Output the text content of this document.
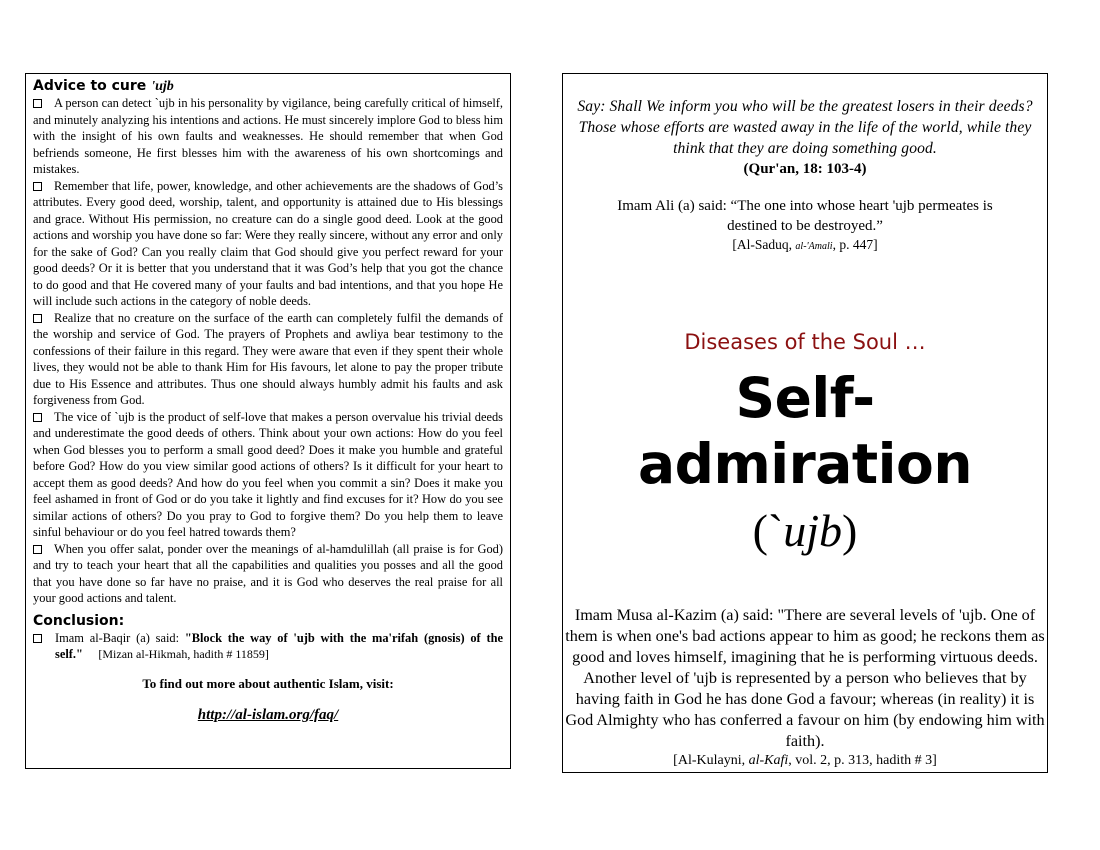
Advice to cure 'ujb

A person can detect `ujb in his personality by vigilance, being carefully critical of himself, and minutely analyzing his intentions and actions. He must sincerely implore God to bless him with the insight of his own faults and weaknesses. He should remember that when God befriends someone, He first blesses him with the awareness of his own shortcomings and mistakes.

Remember that life, power, knowledge, and other achievements are the shadows of God’s attributes. Every good deed, worship, talent, and opportunity is attained due to His blessings and grace. Without His permission, no creature can do a single good deed. Look at the good actions and worship you have done so far: Were they really sincere, without any error and only for the sake of God? Can you really claim that God should give you perfect reward for your good deeds? Or it is better that you understand that it was God’s help that you got the chance to do good and that He covered many of your faults and bad intentions, and that you hope He will include such actions in the category of noble deeds.

Realize that no creature on the surface of the earth can completely fulfil the demands of the worship and service of God. The prayers of Prophets and awliya bear testimony to the confessions of their failure in this regard. They were aware that even if they spent their whole lives, they would not be able to thank Him for His favours, let alone to pay the proper tribute due to His Essence and attributes. Thus one should always humbly admit his faults and ask forgiveness from God.

The vice of `ujb is the product of self-love that makes a person overvalue his trivial deeds and underestimate the good deeds of others. Think about your own actions: How do you feel when God blesses you to perform a small good deed? Does it make you humble and grateful before God? How do you view similar good actions of others? Is it difficult for your heart to accept them as good deeds? And how do you feel when you commit a sin? Does it make you feel ashamed in front of God or do you take it lightly and find excuses for it? How do you see similar actions of others? Do you pray to God to forgive them? Do you help them to leave sinful behaviour or do you feel hatred towards them?

When you offer salat, ponder over the meanings of al-hamdulillah (all praise is for God) and try to teach your heart that all the capabilities and qualities you posses and all the good that you have done so far have no praise, and it is God who deserves the real praise for all your good actions and talent.

Conclusion:

Imam al-Baqir (a) said: "Block the way of 'ujb with the ma'rifah (gnosis) of the self." [Mizan al-Hikmah, hadith # 11859]

To find out more about authentic Islam, visit:
http://al-islam.org/faq/
Say: Shall We inform you who will be the greatest losers in their deeds? Those whose efforts are wasted away in the life of the world, while they think that they are doing something good.
(Qur'an, 18: 103-4)
Imam Ali (a) said: “The one into whose heart 'ujb permeates is destined to be destroyed.”
[Al-Saduq, al-'Amali, p. 447]
Diseases of the Soul …
Self-admiration
(`ujb)
Imam Musa al-Kazim (a) said: "There are several levels of 'ujb. One of them is when one's bad actions appear to him as good; he reckons them as good and loves himself, imagining that he is performing virtuous deeds. Another level of 'ujb is represented by a person who believes that by having faith in God he has done God a favour; whereas (in reality) it is God Almighty who has conferred a favour on him (by endowing him with faith).
[Al-Kulayni, al-Kafi, vol. 2, p. 313, hadith # 3]
